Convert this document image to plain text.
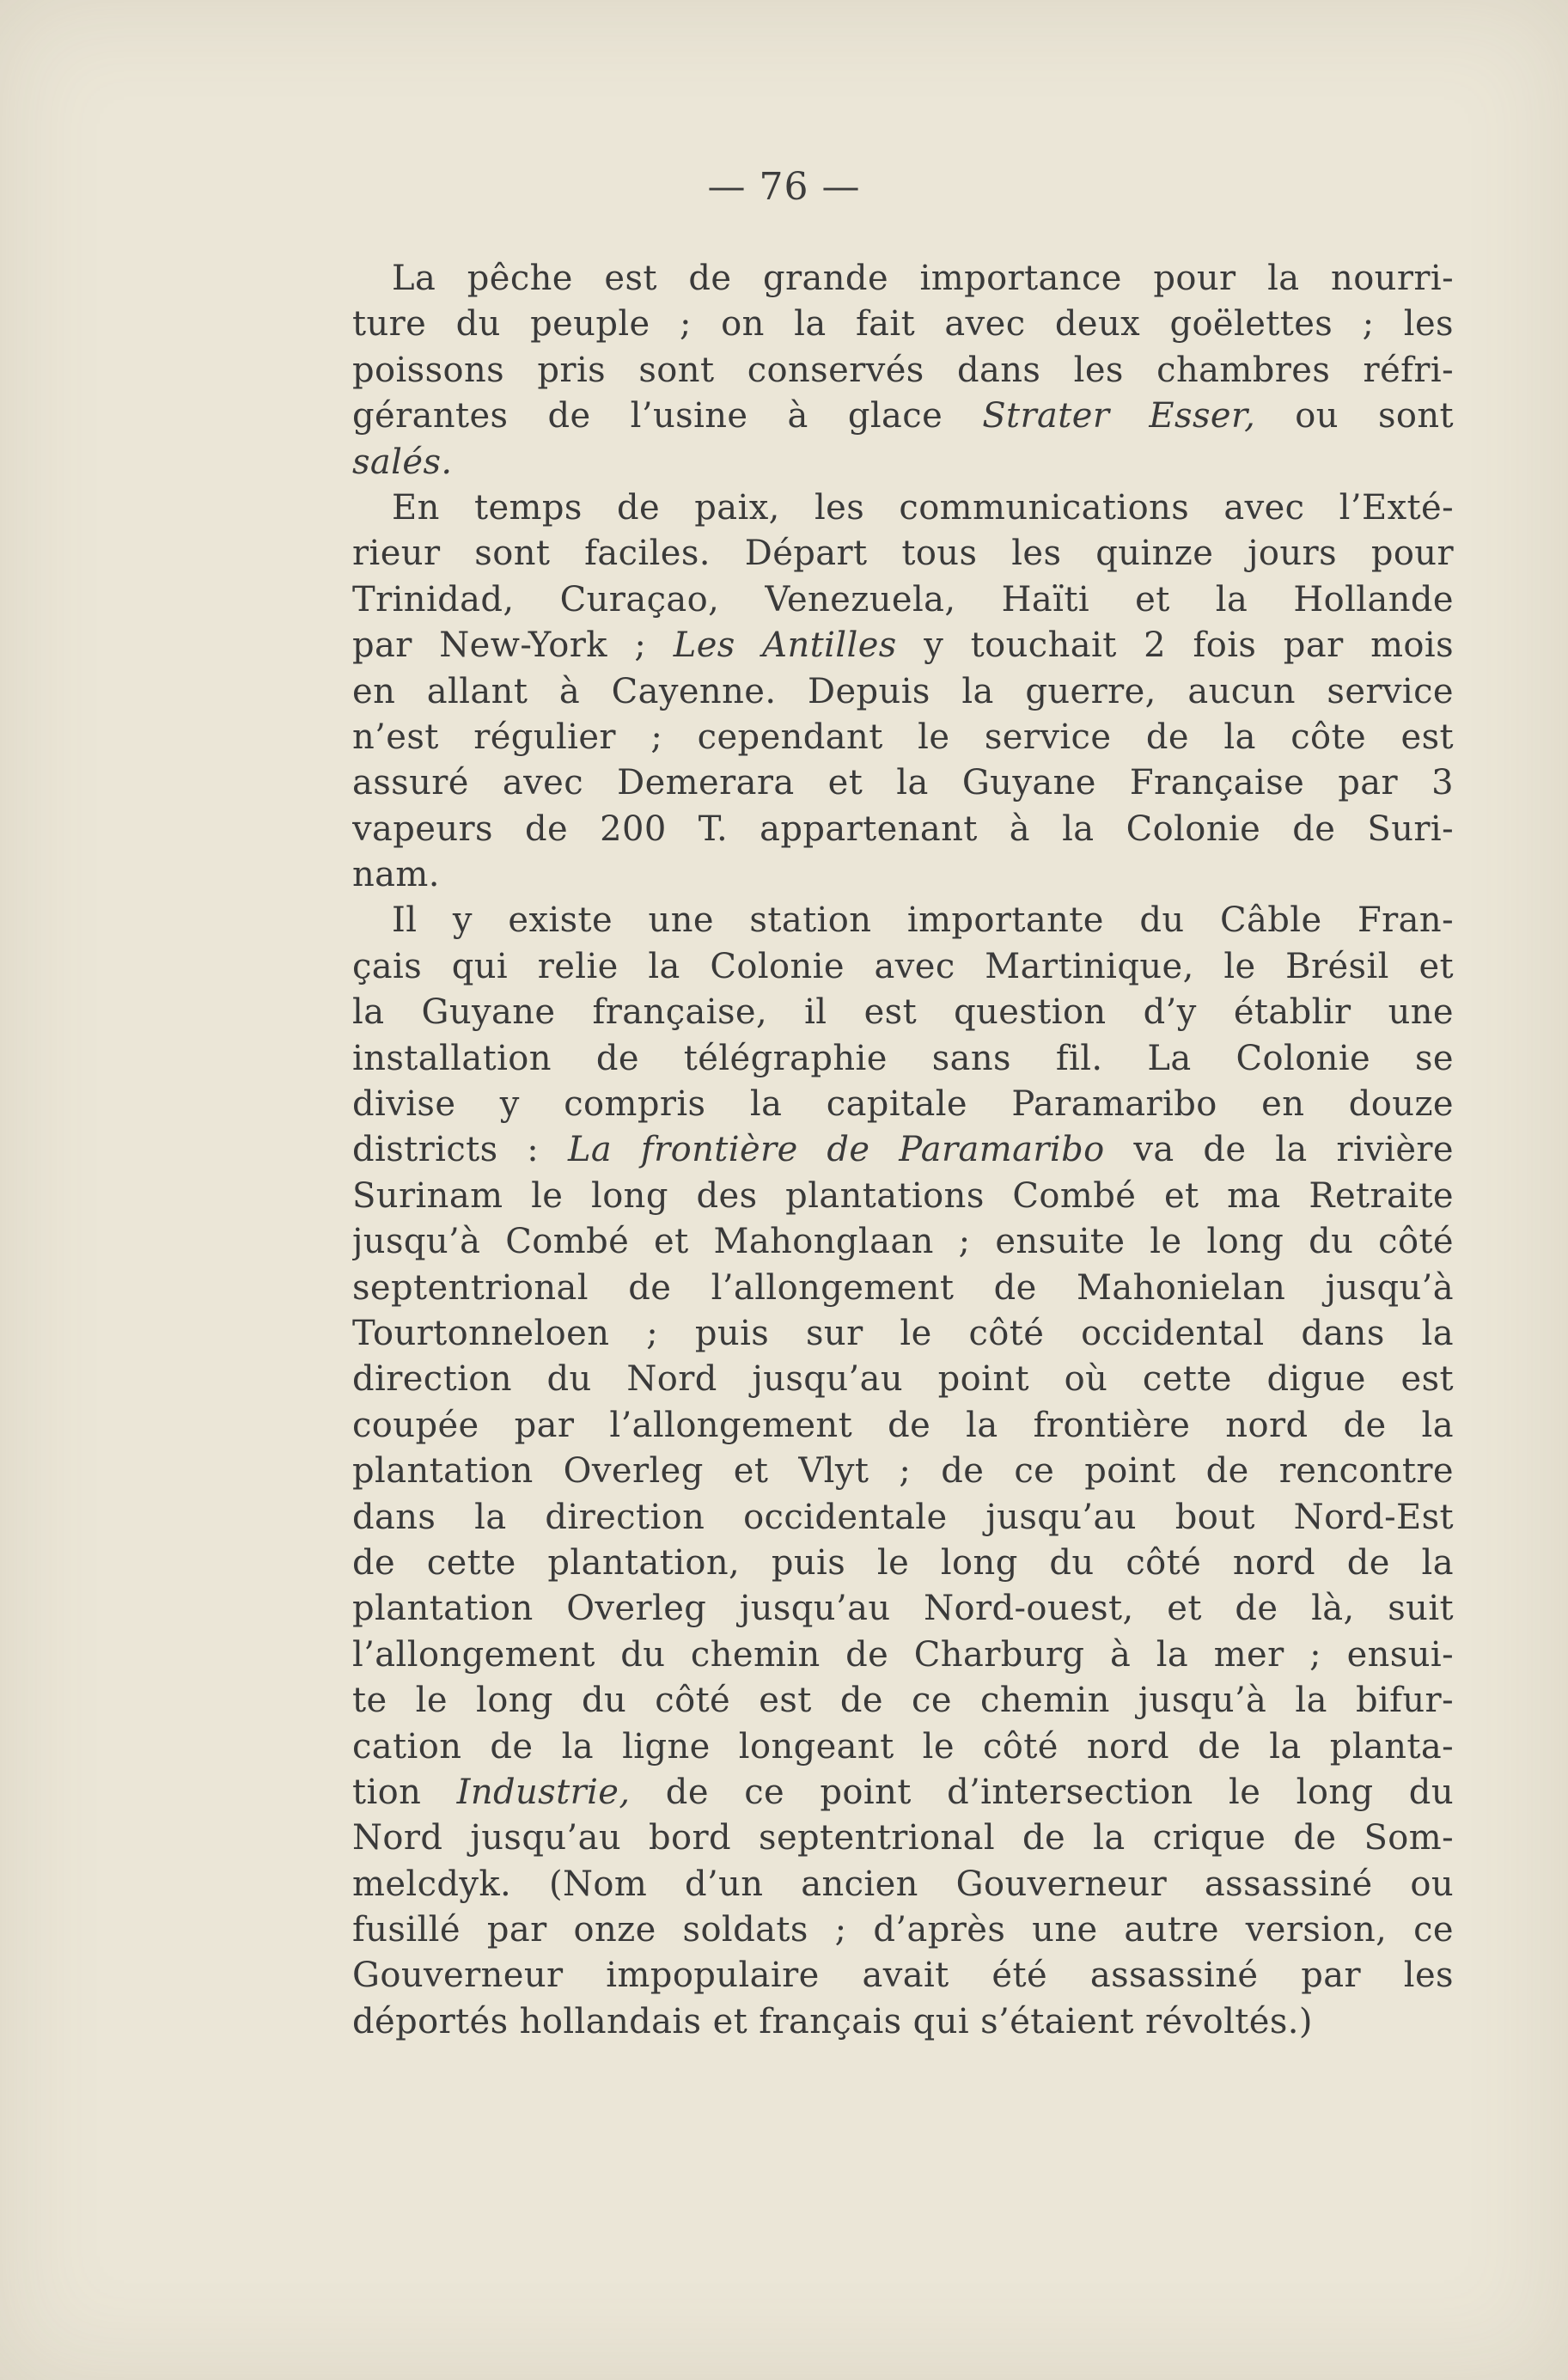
— 76 —
La pêche est de grande importance pour la nourri-
ture du peuple ; on la fait avec deux goëlettes ; les
poissons pris sont conservés dans les chambres réfri-
gérantes de l’usine à glace Strater Esser, ou sont
salés.
En temps de paix, les communications avec l’Exté-
rieur sont faciles. Départ tous les quinze jours pour
Trinidad, Curaçao, Venezuela, Haïti et la Hollande
par New-York ; Les Antilles y touchait 2 fois par mois
en allant à Cayenne. Depuis la guerre, aucun service
n’est régulier ; cependant le service de la côte est
assuré avec Demerara et la Guyane Française par 3
vapeurs de 200 T. appartenant à la Colonie de Suri-
nam.
Il y existe une station importante du Câble Fran-
çais qui relie la Colonie avec Martinique, le Brésil et
la Guyane française, il est question d’y établir une
installation de télégraphie sans fil. La Colonie se
divise y compris la capitale Paramaribo en douze
districts : La frontière de Paramaribo va de la rivière
Surinam le long des plantations Combé et ma Retraite
jusqu’à Combé et Mahonglaan ; ensuite le long du côté
septentrional de l’allongement de Mahonielan jusqu’à
Tourtonneloen ; puis sur le côté occidental dans la
direction du Nord jusqu’au point où cette digue est
coupée par l’allongement de la frontière nord de la
plantation Overleg et Vlyt ; de ce point de rencontre
dans la direction occidentale jusqu’au bout Nord-Est
de cette plantation, puis le long du côté nord de la
plantation Overleg jusqu’au Nord-ouest, et de là, suit
l’allongement du chemin de Charburg à la mer ; ensui-
te le long du côté est de ce chemin jusqu’à la bifur-
cation de la ligne longeant le côté nord de la planta-
tion Industrie, de ce point d’intersection le long du
Nord jusqu’au bord septentrional de la crique de Som-
melcdyk. (Nom d’un ancien Gouverneur assassiné ou
fusillé par onze soldats ; d’après une autre version, ce
Gouverneur impopulaire avait été assassiné par les
déportés hollandais et français qui s’étaient révoltés.)
